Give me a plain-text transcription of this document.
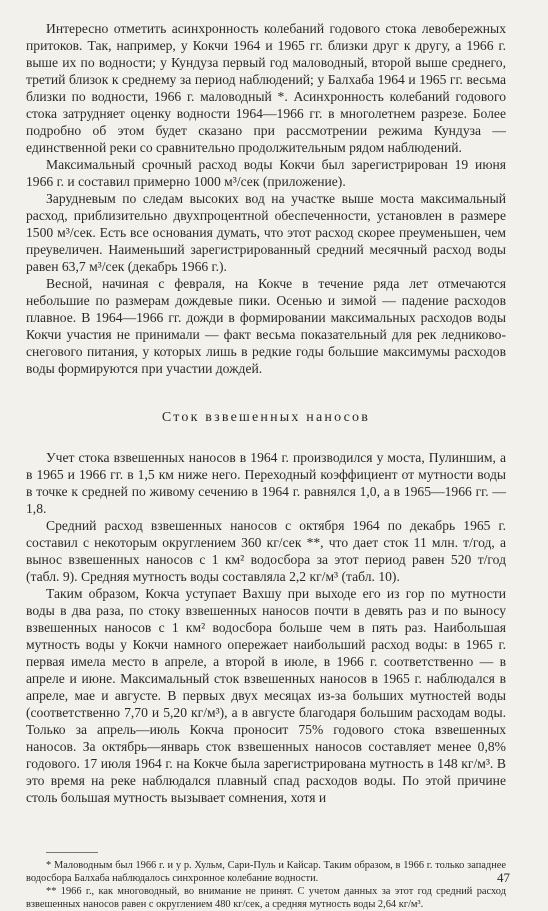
Интересно отметить асинхронность колебаний годового стока левобережных притоков. Так, например, у Кокчи 1964 и 1965 гг. близки друг к другу, а 1966 г. выше их по водности; у Кундуза первый год маловодный, второй выше среднего, третий близок к среднему за период наблюдений; у Балхаба 1964 и 1965 гг. весьма близки по водности, 1966 г. маловодный *. Асинхронность колебаний годового стока затрудняет оценку водности 1964—1966 гг. в многолетнем разрезе. Более подробно об этом будет сказано при рассмотрении режима Кундуза — единственной реки со сравнительно продолжительным рядом наблюдений.

Максимальный срочный расход воды Кокчи был зарегистрирован 19 июня 1966 г. и составил примерно 1000 м³/сек (приложение).

Зарудневым по следам высоких вод на участке выше моста максимальный расход, приблизительно двухпроцентной обеспеченности, установлен в размере 1500 м³/сек. Есть все основания думать, что этот расход скорее преуменьшен, чем преувеличен. Наименьший зарегистрированный средний месячный расход воды равен 63,7 м³/сек (декабрь 1966 г.).

Весной, начиная с февраля, на Кокче в течение ряда лет отмечаются небольшие по размерам дождевые пики. Осенью и зимой — падение расходов плавное. В 1964—1966 гг. дожди в формировании максимальных расходов воды Кокчи участия не принимали — факт весьма показательный для рек ледниково-снегового питания, у которых лишь в редкие годы большие максимумы расходов воды формируются при участии дождей.

Сток взвешенных наносов

Учет стока взвешенных наносов в 1964 г. производился у моста, Пулиншим, а в 1965 и 1966 гг. в 1,5 км ниже него. Переходный коэффициент от мутности воды в точке к средней по живому сечению в 1964 г. равнялся 1,0, а в 1965—1966 гг. — 1,8.

Средний расход взвешенных наносов с октября 1964 по декабрь 1965 г. составил с некоторым округлением 360 кг/сек **, что дает сток 11 млн. т/год, а вынос взвешенных наносов с 1 км² водосбора за этот период равен 520 т/год (табл. 9). Средняя мутность воды составляла 2,2 кг/м³ (табл. 10).

Таким образом, Кокча уступает Вахшу при выходе его из гор по мутности воды в два раза, по стоку взвешенных наносов почти в девять раз и по выносу взвешенных наносов с 1 км² водосбора больше чем в пять раз. Наибольшая мутность воды у Кокчи намного опережает наибольший расход воды: в 1965 г. первая имела место в апреле, а второй в июле, в 1966 г. соответственно — в апреле и июне. Максимальный сток взвешенных наносов в 1965 г. наблюдался в апреле, мае и августе. В первых двух месяцах из-за больших мутностей воды (соответственно 7,70 и 5,20 кг/м³), а в августе благодаря большим расходам воды. Только за апрель—июль Кокча проносит 75% годового стока взвешенных наносов. За октябрь—январь сток взвешенных наносов составляет менее 0,8% годового. 17 июля 1964 г. на Кокче была зарегистрирована мутность в 148 кг/м³. В это время на реке наблюдался плавный спад расходов воды. По этой причине столь большая мутность вызывает сомнения, хотя и

* Маловодным был 1966 г. и у р. Хульм, Сари-Пуль и Кайсар. Таким образом, в 1966 г. только западнее водосбора Балхаба наблюдалось синхронное колебание водности.

** 1966 г., как многоводный, во внимание не принят. С учетом данных за этот год средний расход взвешенных наносов равен с округлением 480 кг/сек, а средняя мутность воды 2,64 кг/м³.

47
